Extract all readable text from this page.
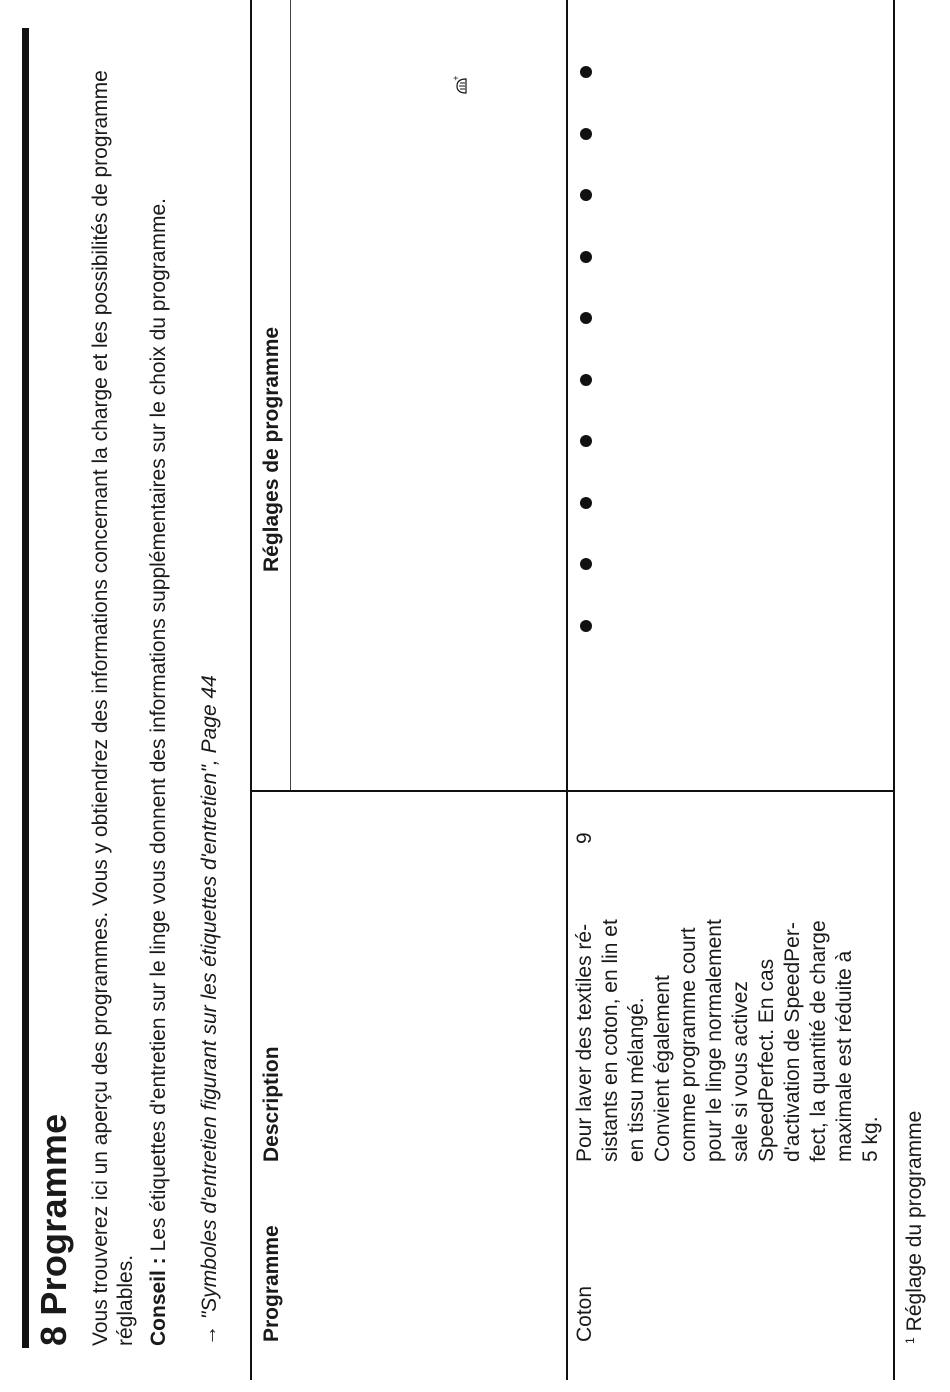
8 Programme Vous trouverez ici un aperçu des programmes. Vous y obtiendrez des informations concernant la charge et les possibilités de programme réglables. Conseil : Les étiquettes d'entretien sur le linge vous donnent des informations supplémentaires sur le choix du programme.

→ "Symboles d'entretien figurant sur les étiquettes d'entretien", Page 44

Programme
Description
Réglages de programme
+
Coton
Pour laver des textiles ré- sistants en coton, en lin et en tissu mélangé. Convient également comme programme court pour le linge normalement sale si vous activez SpeedPerfect. En cas d'activation de SpeedPer- fect, la quantité de charge maximale est réduite à 5 kg.
9
$^1$Réglage du programme
